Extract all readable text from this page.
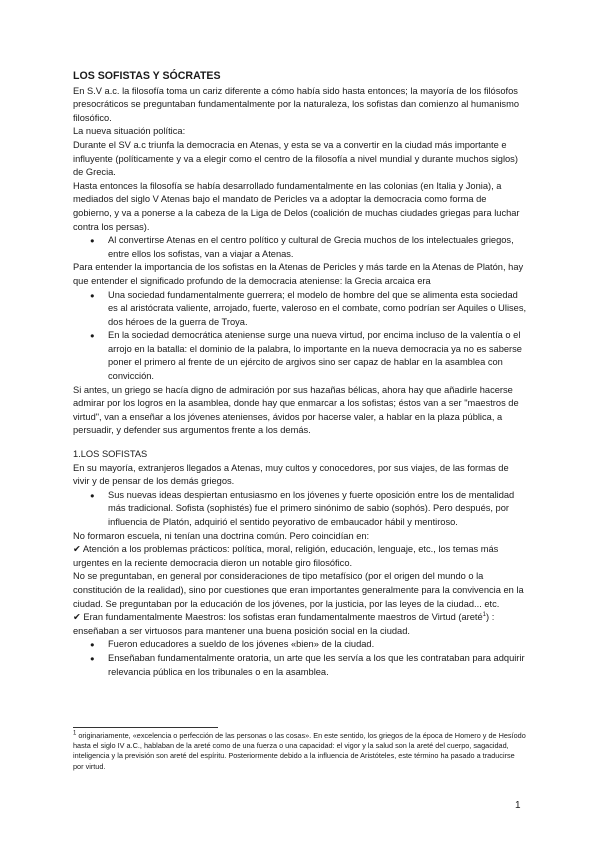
LOS SOFISTAS Y SÓCRATES

En S.V a.c. la filosofía toma un cariz diferente a cómo había sido hasta entonces; la mayoría de los filósofos presocráticos se preguntaban fundamentalmente por la naturaleza, los sofistas dan comienzo al humanismo filosófico.

La nueva situación política:

Durante el SV a.c triunfa la democracia en Atenas, y esta se va a convertir en la ciudad más importante e influyente (políticamente y va a elegir como el centro de la filosofía a nivel mundial y durante muchos siglos) de Grecia.

Hasta entonces la filosofía se había desarrollado fundamentalmente en las colonias (en Italia y Jonia), a mediados del siglo V Atenas bajo el mandato de Pericles va a adoptar la democracia como forma de gobierno, y va a ponerse a la cabeza de la Liga de Delos (coalición de muchas ciudades griegas para luchar contra los persas).

● Al convertirse Atenas en el centro político y cultural de Grecia muchos de los intelectuales griegos, entre ellos los sofistas, van a viajar a Atenas.

Para entender la importancia de los sofistas en la Atenas de Pericles y más tarde en la Atenas de Platón, hay que entender el significado profundo de la democracia ateniense: la Grecia arcaica era

● Una sociedad fundamentalmente guerrera; el modelo de hombre del que se alimenta esta sociedad es al aristócrata valiente, arrojado, fuerte, valeroso en el combate, como podrían ser Aquiles o Ulises, dos héroes de la guerra de Troya.
● En la sociedad democrática ateniense surge una nueva virtud, por encima incluso de la valentía o el arrojo en la batalla: el dominio de la palabra, lo importante en la nueva democracia ya no es saberse poner el primero al frente de un ejército de argivos sino ser capaz de hablar en la asamblea con convicción.

Si antes, un griego se hacía digno de admiración por sus hazañas bélicas, ahora hay que añadirle hacerse admirar por los logros en la asamblea, donde hay que enmarcar a los sofistas; éstos van a ser "maestros de virtud", van a enseñar a los jóvenes atenienses, ávidos por hacerse valer, a hablar en la plaza pública, a persuadir, y defender sus argumentos frente a los demás.

1.LOS SOFISTAS

En su mayoría, extranjeros llegados a Atenas, muy cultos y conocedores, por sus viajes, de las formas de vivir y de pensar de los demás griegos.

● Sus nuevas ideas despiertan entusiasmo en los jóvenes y fuerte oposición entre los de mentalidad más tradicional. Sofista (sophistés) fue el primero sinónimo de sabio (sophós). Pero después, por influencia de Platón, adquirió el sentido peyorativo de embaucador hábil y mentiroso.

No formaron escuela, ni tenían una doctrina común. Pero coincidían en:

✔ Atención a los problemas prácticos: política, moral, religión, educación, lenguaje, etc., los temas más urgentes en la reciente democracia dieron un notable giro filosófico.

No se preguntaban, en general por consideraciones de tipo metafísico (por el origen del mundo o la constitución de la realidad), sino por cuestiones que eran importantes generalmente para la convivencia en la ciudad. Se preguntaban por la educación de los jóvenes, por la justicia, por las leyes de la ciudad... etc.

✔ Eran fundamentalmente Maestros: los sofistas eran fundamentalmente maestros de Virtud (areté$^1$) : enseñaban a ser virtuosos para mantener una buena posición social en la ciudad.

● Fueron educadores a sueldo de los jóvenes «bien» de la ciudad.
● Enseñaban fundamentalmente oratoria, un arte que les servía a los que les contrataban para adquirir relevancia pública en los tribunales o en la asamblea.
$^1$ originariamente, «excelencia o perfección de las personas o las cosas». En este sentido, los griegos de la época de Homero y de Hesíodo hasta el siglo IV a.C., hablaban de la areté como de una fuerza o una capacidad: el vigor y la salud son la areté del cuerpo, sagacidad, inteligencia y la previsión son areté del espíritu. Posteriormente debido a la influencia de Aristóteles, este término ha pasado a traducirse por virtud.
1
